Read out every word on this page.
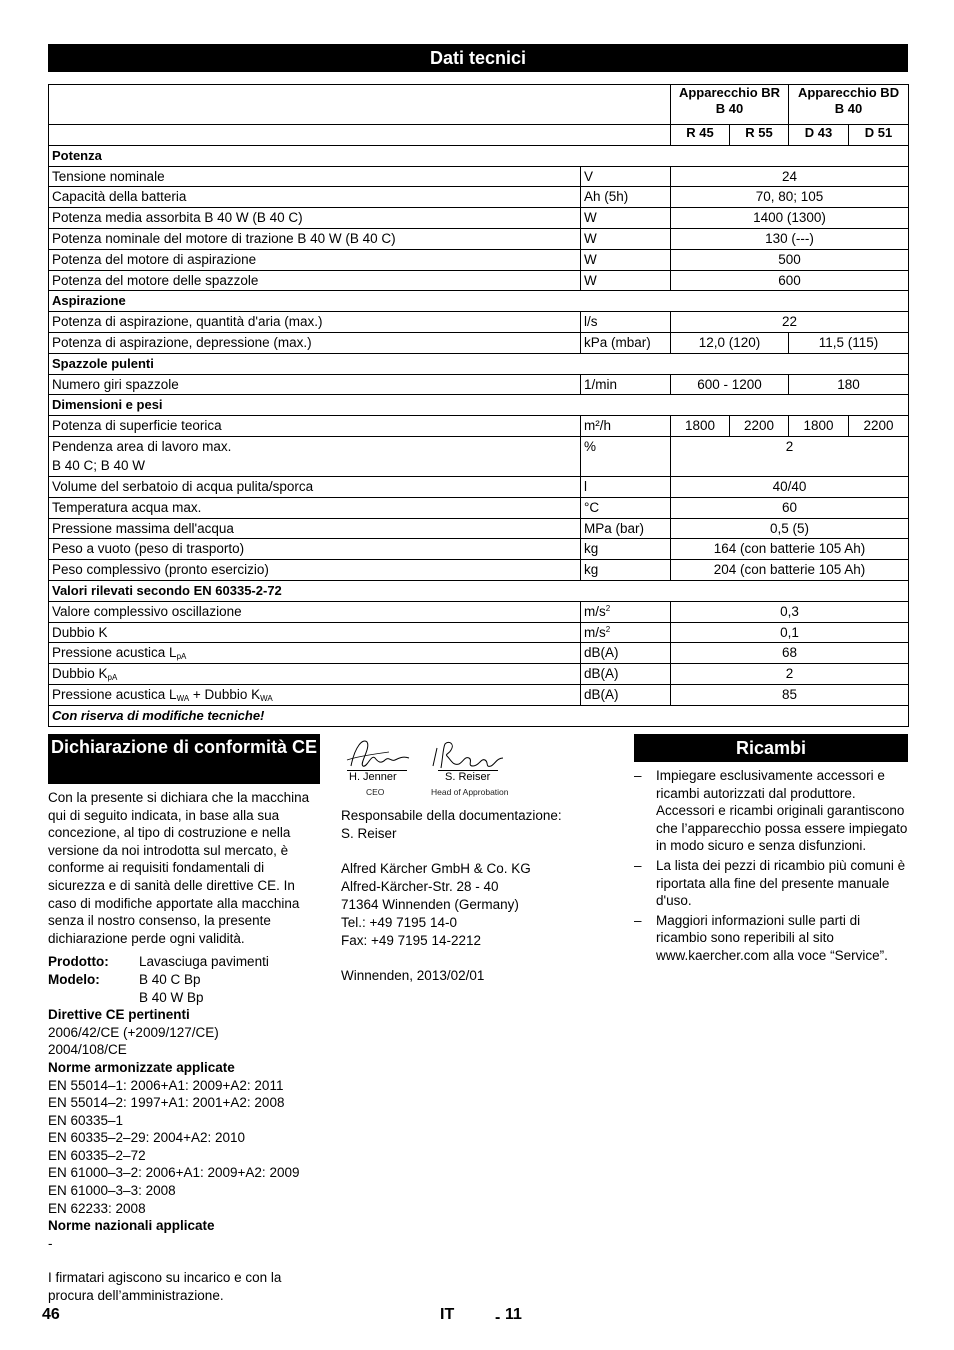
Dati tecnici
		Apparecchio BR B 40		Apparecchio BD B 40	
		R 45	R 55	D 43	D 51
Potenza					
Tensione nominale	V	24			
Capacità della batteria	Ah (5h)	70, 80; 105			
Potenza media assorbita B 40 W (B 40 C)	W	1400 (1300)			
Potenza nominale del motore di trazione B 40 W (B 40 C)	W	130 (---)			
Potenza del motore di aspirazione	W	500			
Potenza del motore delle spazzole	W	600			
Aspirazione					
Potenza di aspirazione, quantità d'aria (max.)	l/s	22			
Potenza di aspirazione, depressione (max.)	kPa (mbar)	12,0 (120)		11,5 (115)	
Spazzole pulenti					
Numero giri spazzole	1/min	600 - 1200		180	
Dimensioni e pesi					
Potenza di superficie teorica	m²/h	1800	2200	1800	2200
Pendenza area di lavoro max.
B 40 C; B 40 W	%	2			
Volume del serbatoio di acqua pulita/sporca	l	40/40			
Temperatura acqua max.	°C	60			
Pressione massima dell'acqua	MPa (bar)	0,5 (5)			
Peso a vuoto (peso di trasporto)	kg	164 (con batterie 105 Ah)			
Peso complessivo (pronto esercizio)	kg	204 (con batterie 105 Ah)			
Valori rilevati secondo EN 60335-2-72					
Valore complessivo oscillazione	$m/s^2$	0,3			
Dubbio K	$m/s^2$	0,1			
Pressione acustica $L_{pA}$	dB(A)	68			
Dubbio $K_{pA}$	dB(A)	2			
Pressione acustica $L_{WA}$ + Dubbio $K_{WA}$	dB(A)	85			
Con riserva di modifiche tecniche!					
Dichiarazione di conformità CE

Con la presente si dichiara che la macchina qui di seguito indicata, in base alla sua concezione, al tipo di costruzione e nella versione da noi introdotta sul mercato, è conforme ai requisiti fondamentali di sicurezza e di sanità delle direttive CE. In caso di modifiche apportate alla macchina senza il nostro consenso, la presente dichiarazione perde ogni validità.

Prodotto:	Lavasciuga pavimenti
Modelo:	B 40 C Bp
B 40 W Bp

Direttive CE pertinenti

2006/42/CE (+2009/127/CE)

2004/108/CE

Norme armonizzate applicate

EN 55014–1: 2006+A1: 2009+A2: 2011

EN 55014–2: 1997+A1: 2001+A2: 2008

EN 60335–1

EN 60335–2–29: 2004+A2: 2010

EN 60335–2–72

EN 61000–3–2: 2006+A1: 2009+A2: 2009

EN 61000–3–3: 2008

EN 62233: 2008

Norme nazionali applicate

-

I firmatari agiscono su incarico e con la procura dell’amministrazione.

H. Jenner
CEO
S. Reiser
Head of Approbation

Responsabile della documentazione:

S. Reiser

Alfred Kärcher GmbH & Co. KG

Alfred-Kärcher-Str. 28 - 40

71364 Winnenden (Germany)

Tel.: +49 7195 14-0

Fax: +49 7195 14-2212

Winnenden, 2013/02/01

Ricambi
– Impiegare esclusivamente accessori e ricambi autorizzati dal produttore. Accessori e ricambi originali garantiscono che l’apparecchio possa essere impiegato in modo sicuro e senza disfunzioni.
– La lista dei pezzi di ricambio più comuni è riportata alla fine del presente manuale d'uso.
– Maggiori informazioni sulle parti di ricambio sono reperibili al sito www.kaercher.com alla voce “Service”.
46	IT	- 11
